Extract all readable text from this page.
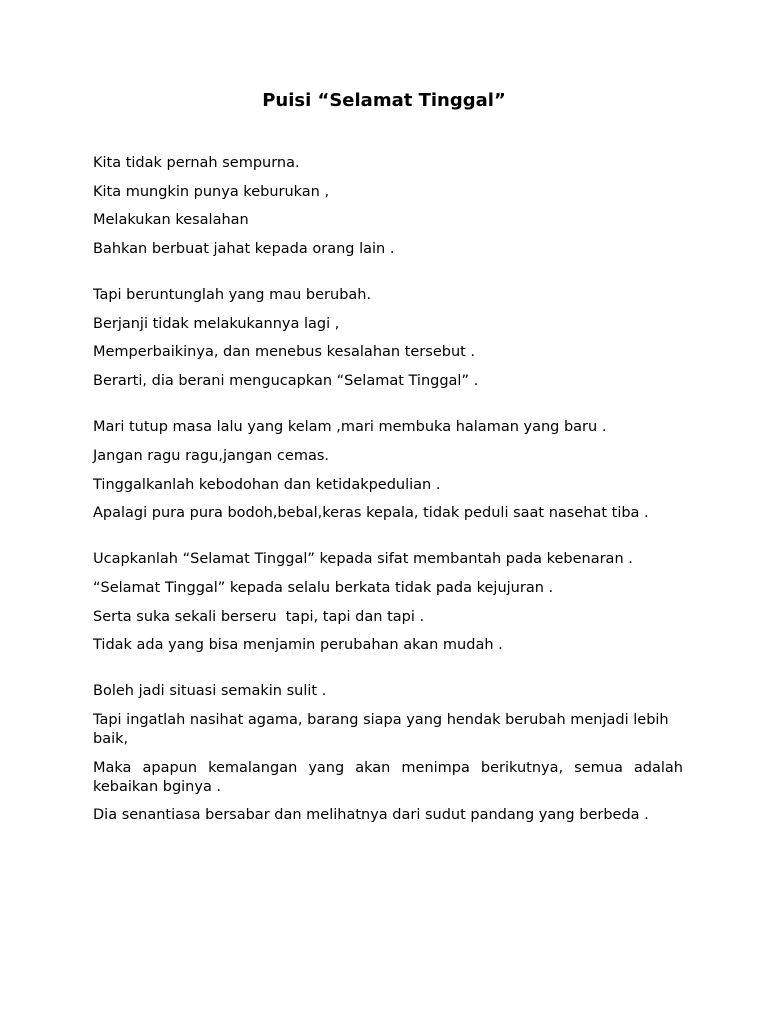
Puisi “Selamat Tinggal”
Kita tidak pernah sempurna.
Kita mungkin punya keburukan ,
Melakukan kesalahan
Bahkan berbuat jahat kepada orang lain .
Tapi beruntunglah yang mau berubah.
Berjanji tidak melakukannya lagi ,
Memperbaikinya, dan menebus kesalahan tersebut .
Berarti, dia berani mengucapkan “Selamat Tinggal” .
Mari tutup masa lalu yang kelam ,mari membuka halaman yang baru .
Jangan ragu ragu,jangan cemas.
Tinggalkanlah kebodohan dan ketidakpedulian .
Apalagi pura pura bodoh,bebal,keras kepala, tidak peduli saat nasehat tiba .
Ucapkanlah “Selamat Tinggal” kepada sifat membantah pada kebenaran .
“Selamat Tinggal” kepada selalu berkata tidak pada kejujuran .
Serta suka sekali berseru  tapi, tapi dan tapi .
Tidak ada yang bisa menjamin perubahan akan mudah .
Boleh jadi situasi semakin sulit .
Tapi ingatlah nasihat agama, barang siapa yang hendak berubah menjadi lebih baik,
Maka apapun kemalangan yang akan menimpa berikutnya, semua adalah kebaikan bginya .
Dia senantiasa bersabar dan melihatnya dari sudut pandang yang berbeda .
